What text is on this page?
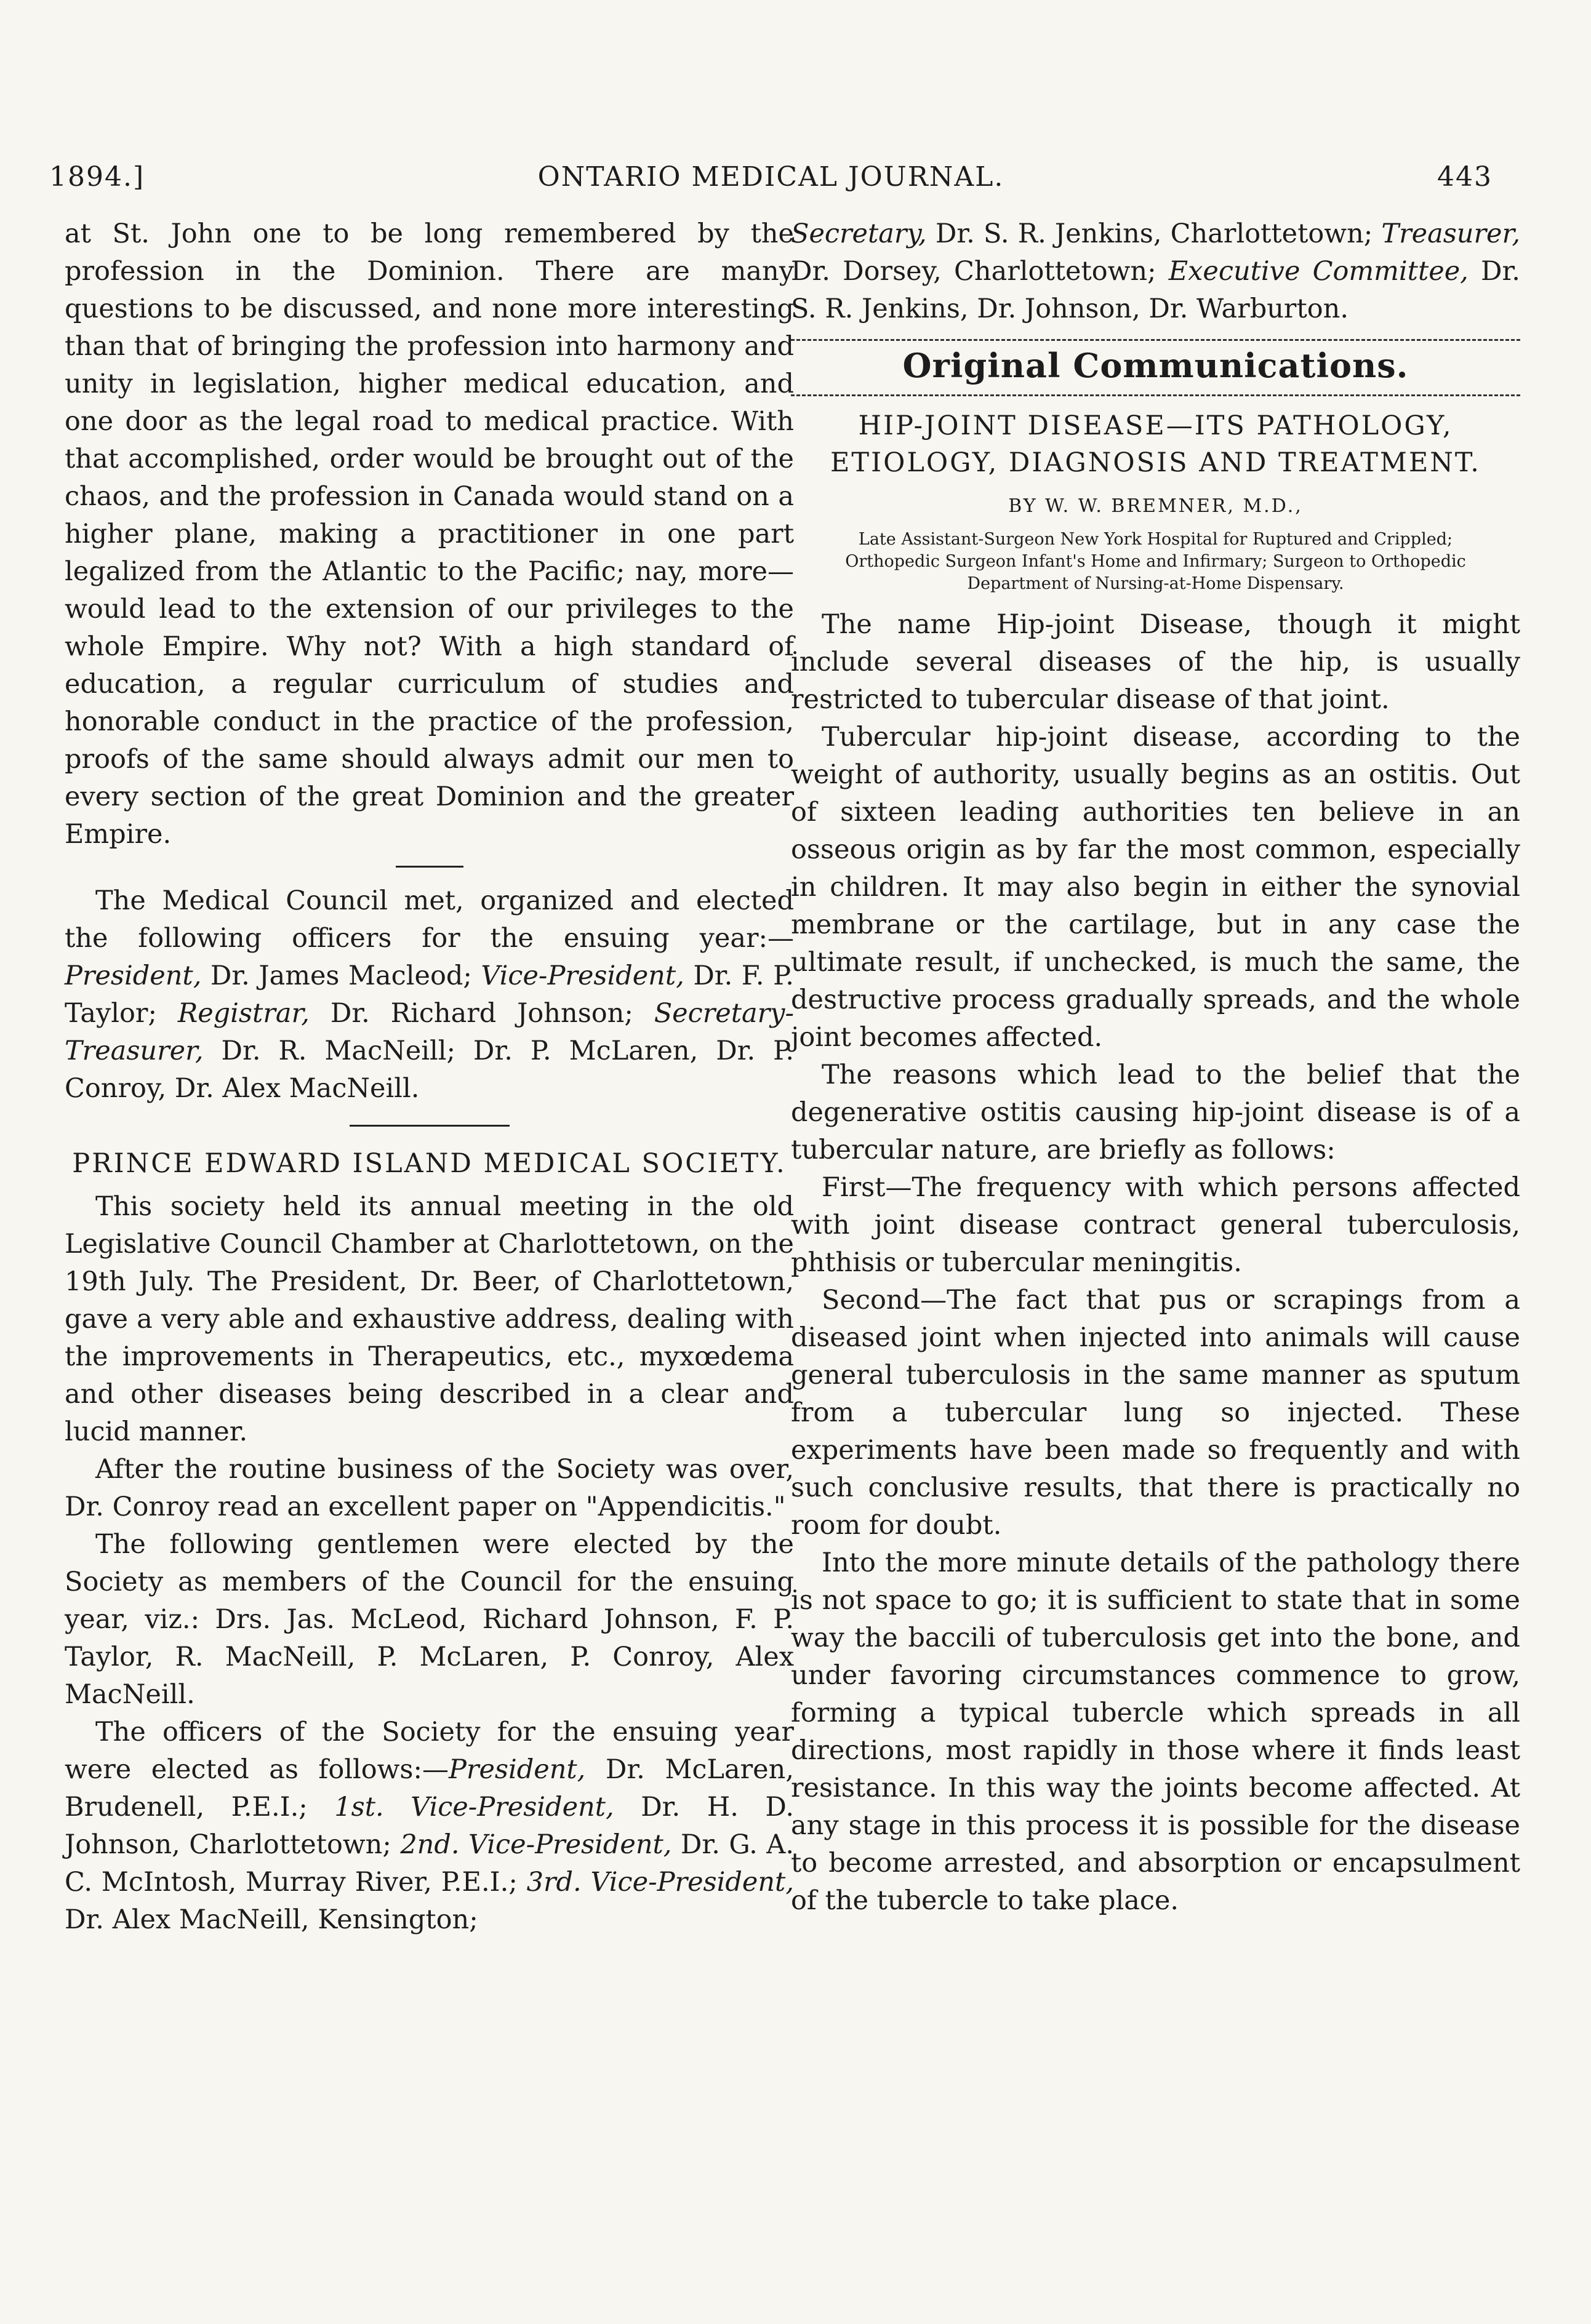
1894.]	ONTARIO MEDICAL JOURNAL.	443

at St. John one to be long remembered by the profession in the Dominion. There are many questions to be discussed, and none more interesting than that of bringing the profession into harmony and unity in legislation, higher medical education, and one door as the legal road to medical practice. With that accomplished, order would be brought out of the chaos, and the profession in Canada would stand on a higher plane, making a practitioner in one part legalized from the Atlantic to the Pacific; nay, more—would lead to the extension of our privileges to the whole Empire. Why not? With a high standard of education, a regular curriculum of studies and honorable conduct in the practice of the profession, proofs of the same should always admit our men to every section of the great Dominion and the greater Empire.

The Medical Council met, organized and elected the following officers for the ensuing year:—President, Dr. James Macleod; Vice-President, Dr. F. P. Taylor; Registrar, Dr. Richard Johnson; Secretary-Treasurer, Dr. R. MacNeill; Dr. P. McLaren, Dr. P. Conroy, Dr. Alex MacNeill.

PRINCE EDWARD ISLAND MEDICAL SOCIETY.

This society held its annual meeting in the old Legislative Council Chamber at Charlottetown, on the 19th July. The President, Dr. Beer, of Charlottetown, gave a very able and exhaustive address, dealing with the improvements in Therapeutics, etc., myxœdema and other diseases being described in a clear and lucid manner.

After the routine business of the Society was over, Dr. Conroy read an excellent paper on "Appendicitis."

The following gentlemen were elected by the Society as members of the Council for the ensuing year, viz.: Drs. Jas. McLeod, Richard Johnson, F. P. Taylor, R. MacNeill, P. McLaren, P. Conroy, Alex MacNeill.

The officers of the Society for the ensuing year were elected as follows:—President, Dr. McLaren, Brudenell, P.E.I.; 1st. Vice-President, Dr. H. D. Johnson, Charlottetown; 2nd. Vice-President, Dr. G. A. C. McIntosh, Murray River, P.E.I.; 3rd. Vice-President, Dr. Alex MacNeill, Kensington;

Secretary, Dr. S. R. Jenkins, Charlottetown; Treasurer, Dr. Dorsey, Charlottetown; Executive Committee, Dr. S. R. Jenkins, Dr. Johnson, Dr. Warburton.

Original Communications.
HIP-JOINT DISEASE—ITS PATHOLOGY, ETIOLOGY, DIAGNOSIS AND TREATMENT.
BY W. W. BREMNER, M.D.,
Late Assistant-Surgeon New York Hospital for Ruptured and Crippled; Orthopedic Surgeon Infant's Home and Infirmary; Surgeon to Orthopedic Department of Nursing-at-Home Dispensary.

The name Hip-joint Disease, though it might include several diseases of the hip, is usually restricted to tubercular disease of that joint.

Tubercular hip-joint disease, according to the weight of authority, usually begins as an ostitis. Out of sixteen leading authorities ten believe in an osseous origin as by far the most common, especially in children. It may also begin in either the synovial membrane or the cartilage, but in any case the ultimate result, if unchecked, is much the same, the destructive process gradually spreads, and the whole joint becomes affected.

The reasons which lead to the belief that the degenerative ostitis causing hip-joint disease is of a tubercular nature, are briefly as follows:

First—The frequency with which persons affected with joint disease contract general tuberculosis, phthisis or tubercular meningitis.

Second—The fact that pus or scrapings from a diseased joint when injected into animals will cause general tuberculosis in the same manner as sputum from a tubercular lung so injected. These experiments have been made so frequently and with such conclusive results, that there is practically no room for doubt.

Into the more minute details of the pathology there is not space to go; it is sufficient to state that in some way the baccili of tuberculosis get into the bone, and under favoring circumstances commence to grow, forming a typical tubercle which spreads in all directions, most rapidly in those where it finds least resistance. In this way the joints become affected. At any stage in this process it is possible for the disease to become arrested, and absorption or encapsulment of the tubercle to take place.
